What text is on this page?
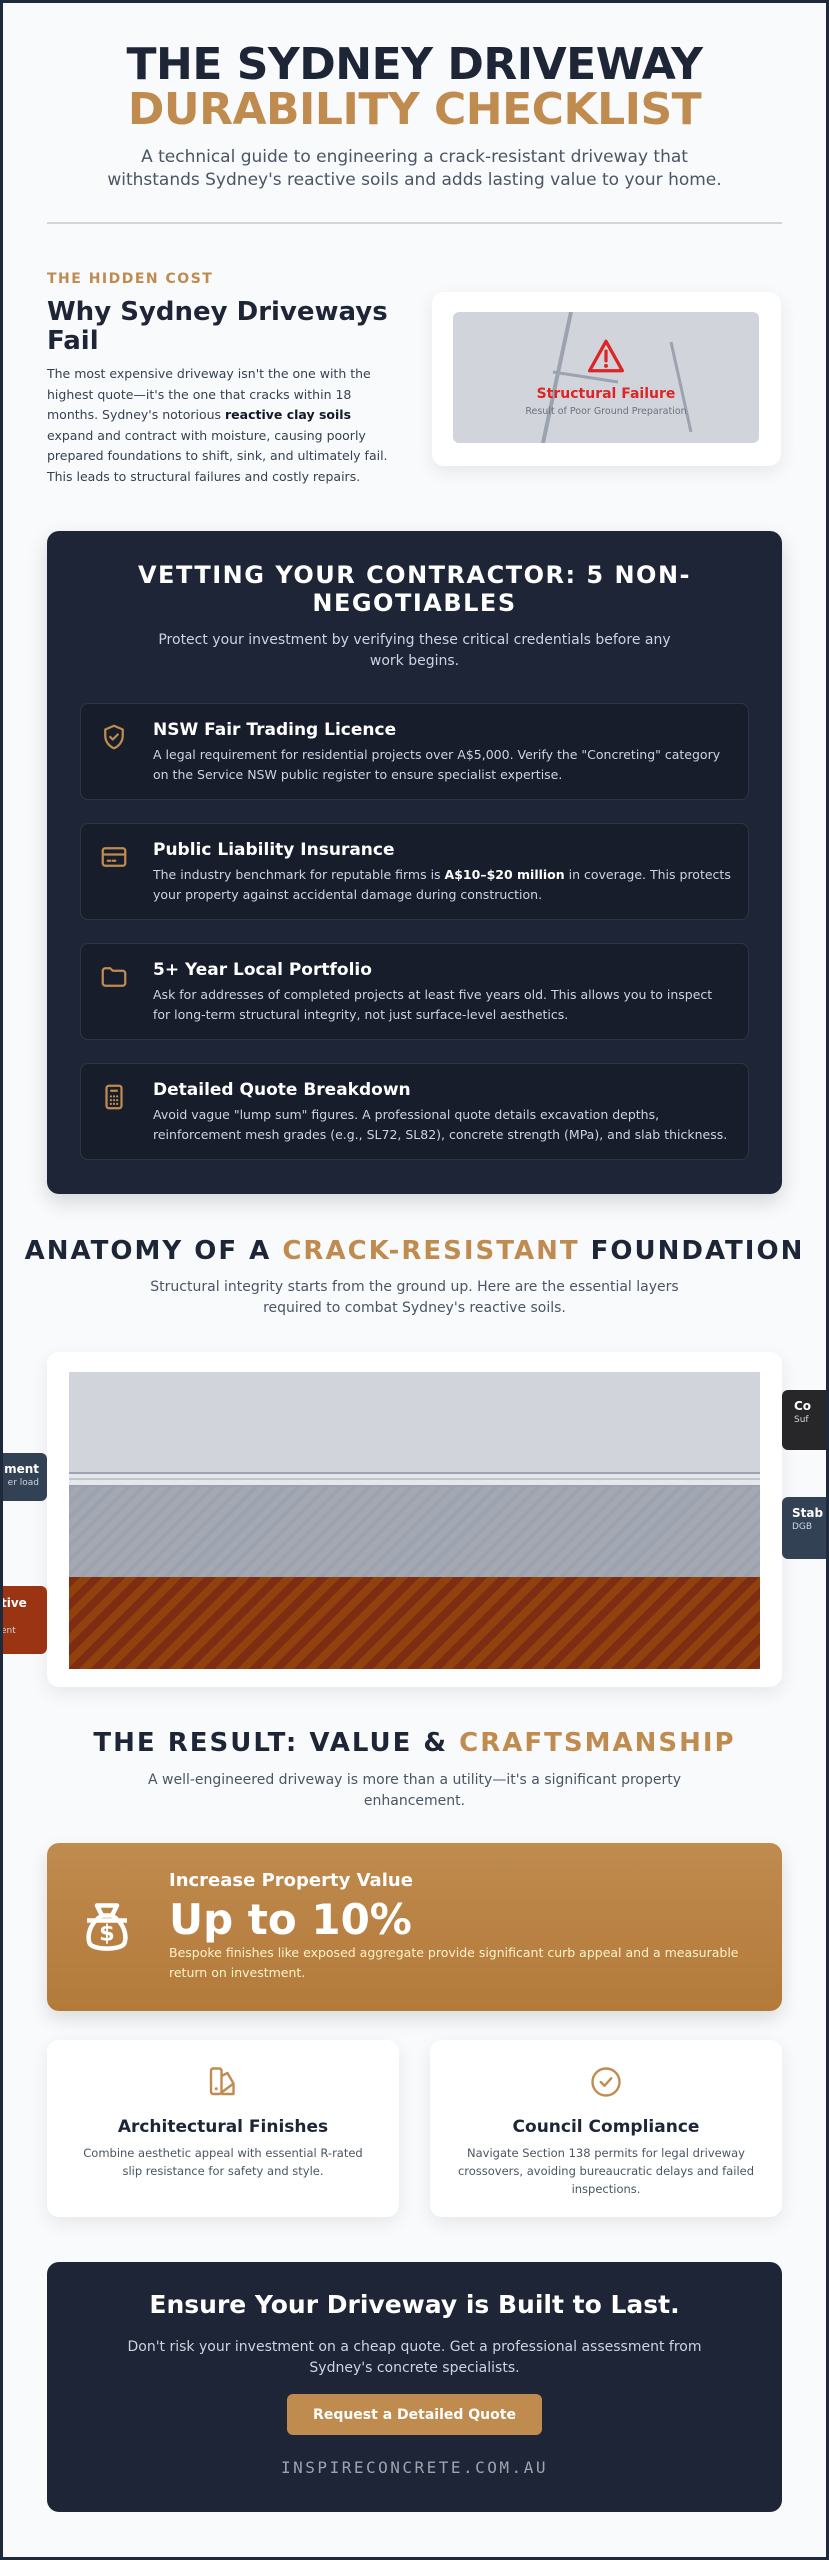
THE SYDNEY DRIVEWAY
DURABILITY CHECKLIST

A technical guide to engineering a crack-resistant driveway that withstands Sydney's reactive soils and adds lasting value to your home.

THE HIDDEN COST
Why Sydney Driveways Fail

The most expensive driveway isn't the one with the highest quote—it's the one that cracks within 18 months. Sydney's notorious reactive clay soils expand and contract with moisture, causing poorly prepared foundations to shift, sink, and ultimately fail. This leads to structural failures and costly repairs.

Structural Failure
Result of Poor Ground Preparation
VETTING YOUR CONTRACTOR: 5 NON-NEGOTIABLES

Protect your investment by verifying these critical credentials before any work begins.

NSW Fair Trading Licence
A legal requirement for residential projects over A$5,000. Verify the "Concreting" category on the Service NSW public register to ensure specialist expertise.
Public Liability Insurance
The industry benchmark for reputable firms is A$10–$20 million in coverage. This protects your property against accidental damage during construction.
5+ Year Local Portfolio
Ask for addresses of completed projects at least five years old. This allows you to inspect for long-term structural integrity, not just surface-level aesthetics.
Detailed Quote Breakdown
Avoid vague "lump sum" figures. A professional quote details excavation depths, reinforcement mesh grades (e.g., SL72, SL82), concrete strength (MPa), and slab thickness.
ANATOMY OF A CRACK-RESISTANT FOUNDATION

Structural integrity starts from the ground up. Here are the essential layers required to combat Sydney's reactive soils.

ment
er load
tive
ent
Co
Suf
Stab
DGB
THE RESULT: VALUE & CRAFTSMANSHIP

A well-engineered driveway is more than a utility—it's a significant property enhancement.

$
Increase Property Value
Up to 10%
Bespoke finishes like exposed aggregate provide significant curb appeal and a measurable return on investment.
Architectural Finishes
Combine aesthetic appeal with essential R-rated slip resistance for safety and style.
Council Compliance
Navigate Section 138 permits for legal driveway crossovers, avoiding bureaucratic delays and failed inspections.
Ensure Your Driveway is Built to Last.

Don't risk your investment on a cheap quote. Get a professional assessment from Sydney's concrete specialists.

Request a Detailed Quote
INSPIRECONCRETE.COM.AU
